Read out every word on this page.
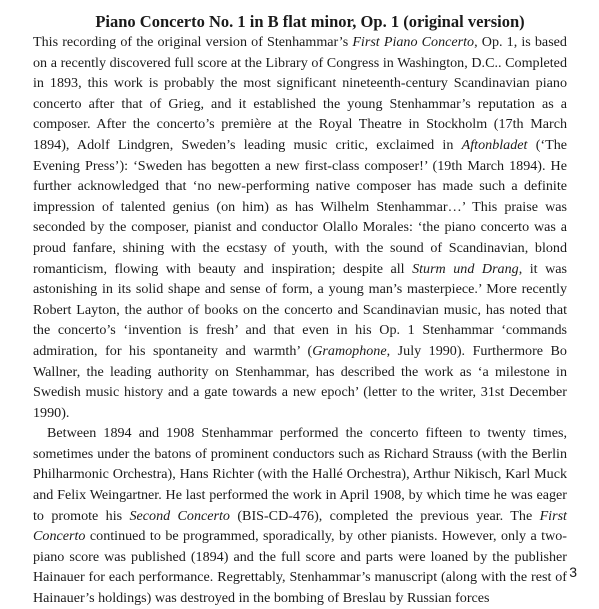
Piano Concerto No. 1 in B flat minor, Op. 1 (original version)

This recording of the original version of Stenhammar’s First Piano Concerto, Op. 1, is based on a recently discovered full score at the Library of Congress in Washington, D.C.. Completed in 1893, this work is probably the most significant nineteenth-century Scandinavian piano concerto after that of Grieg, and it established the young Stenhammar’s reputation as a composer. After the concerto’s première at the Royal Theatre in Stockholm (17th March 1894), Adolf Lindgren, Sweden’s leading music critic, exclaimed in Aftonbladet (‘The Evening Press’): ‘Sweden has begotten a new first-class composer!’ (19th March 1894). He further acknowledged that ‘no new-performing native composer has made such a definite impression of talented genius (on him) as has Wilhelm Stenhammar…’ This praise was seconded by the composer, pianist and conductor Olallo Morales: ‘the piano concerto was a proud fanfare, shining with the ecstasy of youth, with the sound of Scandinavian, blond romanticism, flowing with beauty and inspiration; despite all Sturm und Drang, it was astonishing in its solid shape and sense of form, a young man’s masterpiece.’ More recently Robert Layton, the author of books on the concerto and Scandinavian music, has noted that the concerto’s ‘invention is fresh’ and that even in his Op. 1 Stenhammar ‘commands admiration, for his spontaneity and warmth’ (Gramophone, July 1990). Furthermore Bo Wallner, the leading authority on Stenhammar, has described the work as ‘a milestone in Swedish music history and a gate towards a new epoch’ (letter to the writer, 31st December 1990).

Between 1894 and 1908 Stenhammar performed the concerto fifteen to twenty times, sometimes under the batons of prominent conductors such as Richard Strauss (with the Berlin Philharmonic Orchestra), Hans Richter (with the Hallé Orchestra), Arthur Nikisch, Karl Muck and Felix Weingartner. He last performed the work in April 1908, by which time he was eager to promote his Second Concerto (BIS-CD-476), completed the previous year. The First Concerto continued to be programmed, sporadically, by other pianists. However, only a two-piano score was published (1894) and the full score and parts were loaned by the publisher Hainauer for each performance. Regrettably, Stenhammar’s manuscript (along with the rest of Hainauer’s holdings) was destroyed in the bombing of Breslau by Russian forces

3
